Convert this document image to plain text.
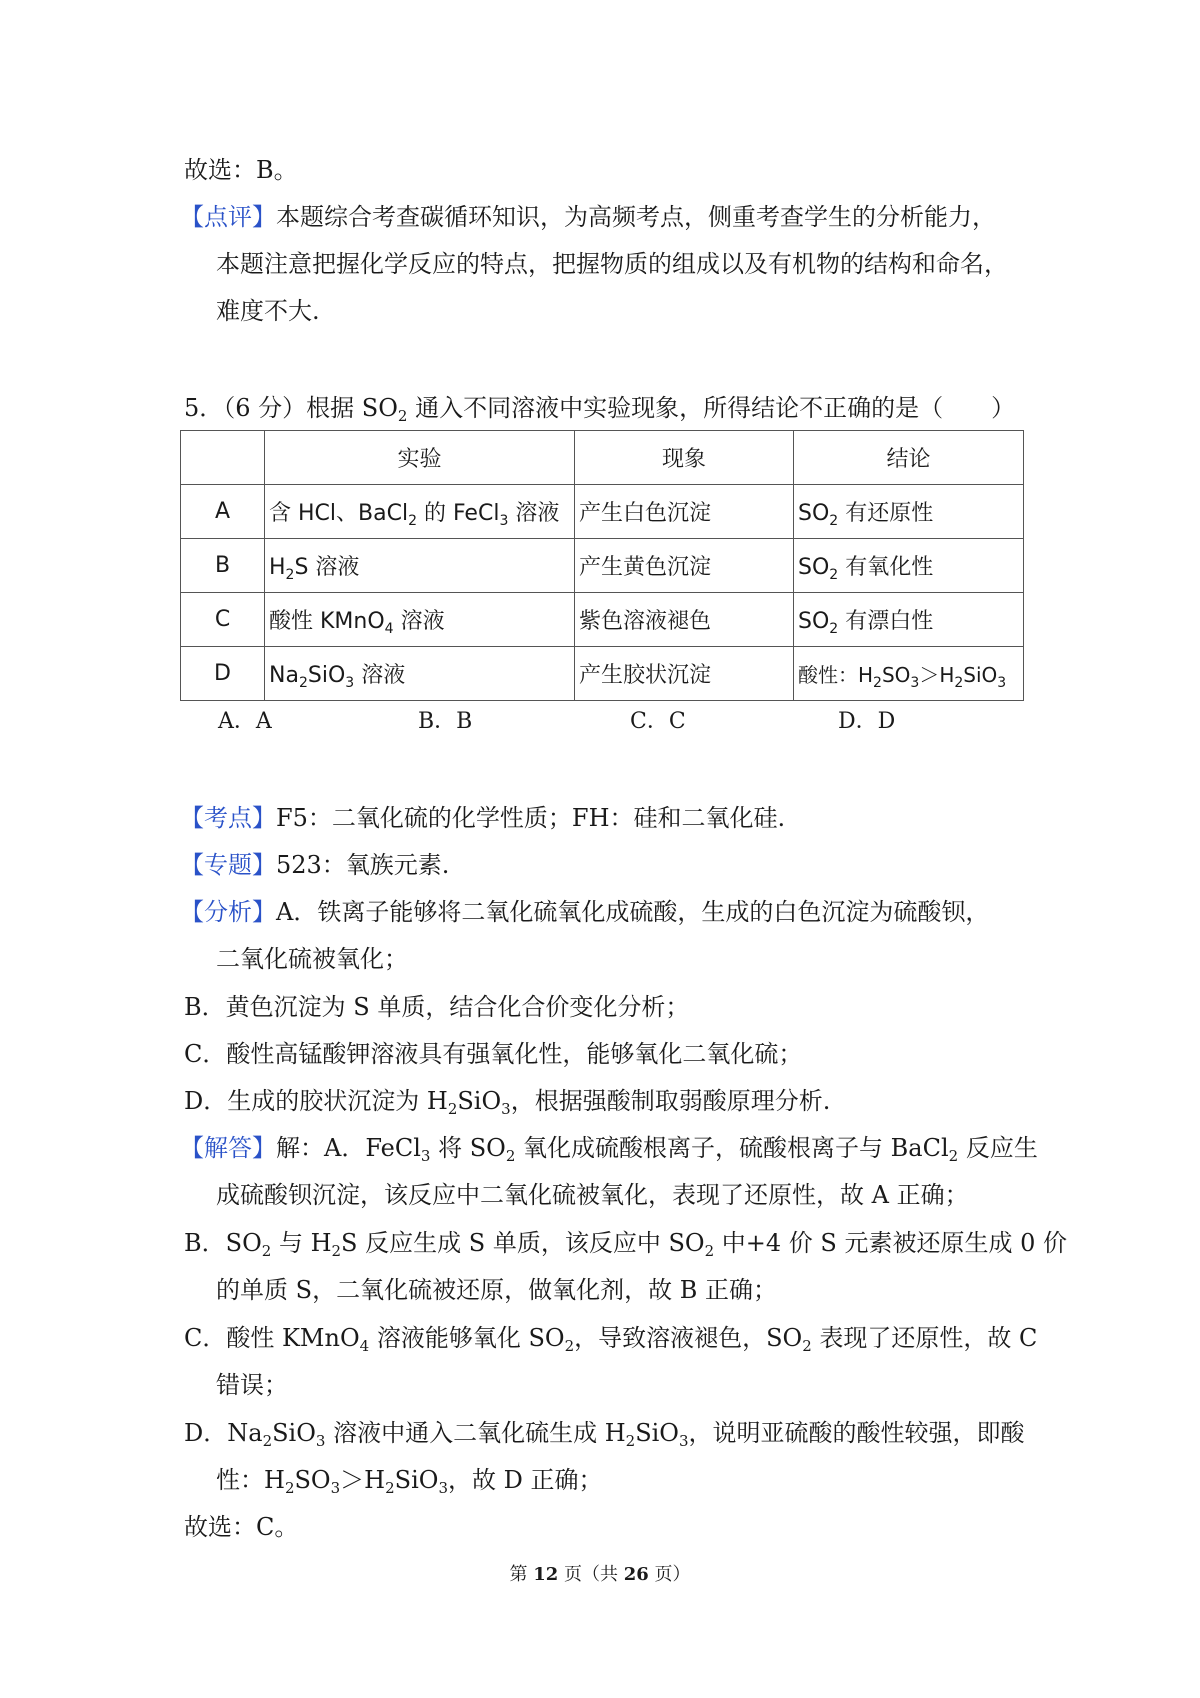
故选：B。
【点评】本题综合考查碳循环知识，为高频考点，侧重考查学生的分析能力，
本题注意把握化学反应的特点，把握物质的组成以及有机物的结构和命名，
难度不大.
5．（6 分）根据 $SO_2$ 通入不同溶液中实验现象，所得结论不正确的是（　　）
	实验	现象	结论
A	含 HCl、BaCl$_2$ 的 FeCl$_3$ 溶液	产生白色沉淀	$SO_2$ 有还原性
B	$H_2S$ 溶液	产生黄色沉淀	$SO_2$ 有氧化性
C	酸性 KMnO$_4$ 溶液	紫色溶液褪色	$SO_2$ 有漂白性
D	$Na_2SiO_3$ 溶液	产生胶状沉淀	酸性：$H_2SO_3>H_2SiO_3$
A．A	B．B	C．C	D．D
【考点】F5：二氧化硫的化学性质；FH：硅和二氧化硅.
【专题】523：氧族元素.
【分析】A．铁离子能够将二氧化硫氧化成硫酸，生成的白色沉淀为硫酸钡，
二氧化硫被氧化；
B．黄色沉淀为 S 单质，结合化合价变化分析；
C．酸性高锰酸钾溶液具有强氧化性，能够氧化二氧化硫；
D．生成的胶状沉淀为 $H_2SiO_3$，根据强酸制取弱酸原理分析.
【解答】解：A．FeCl$_3$ 将 $SO_2$ 氧化成硫酸根离子，硫酸根离子与 BaCl$_2$ 反应生
成硫酸钡沉淀，该反应中二氧化硫被氧化，表现了还原性，故 A 正确；
B．$SO_2$ 与 $H_2S$ 反应生成 S 单质，该反应中 $SO_2$ 中+4 价 S 元素被还原生成 0 价
的单质 S，二氧化硫被还原，做氧化剂，故 B 正确；
C．酸性 KMnO$_4$ 溶液能够氧化 $SO_2$，导致溶液褪色，$SO_2$ 表现了还原性，故 C
错误；
D．$Na_2SiO_3$ 溶液中通入二氧化硫生成 $H_2SiO_3$，说明亚硫酸的酸性较强，即酸
性：$H_2SO_3>H_2SiO_3$，故 D 正确；
故选：C。
第 12 页（共 26 页）
